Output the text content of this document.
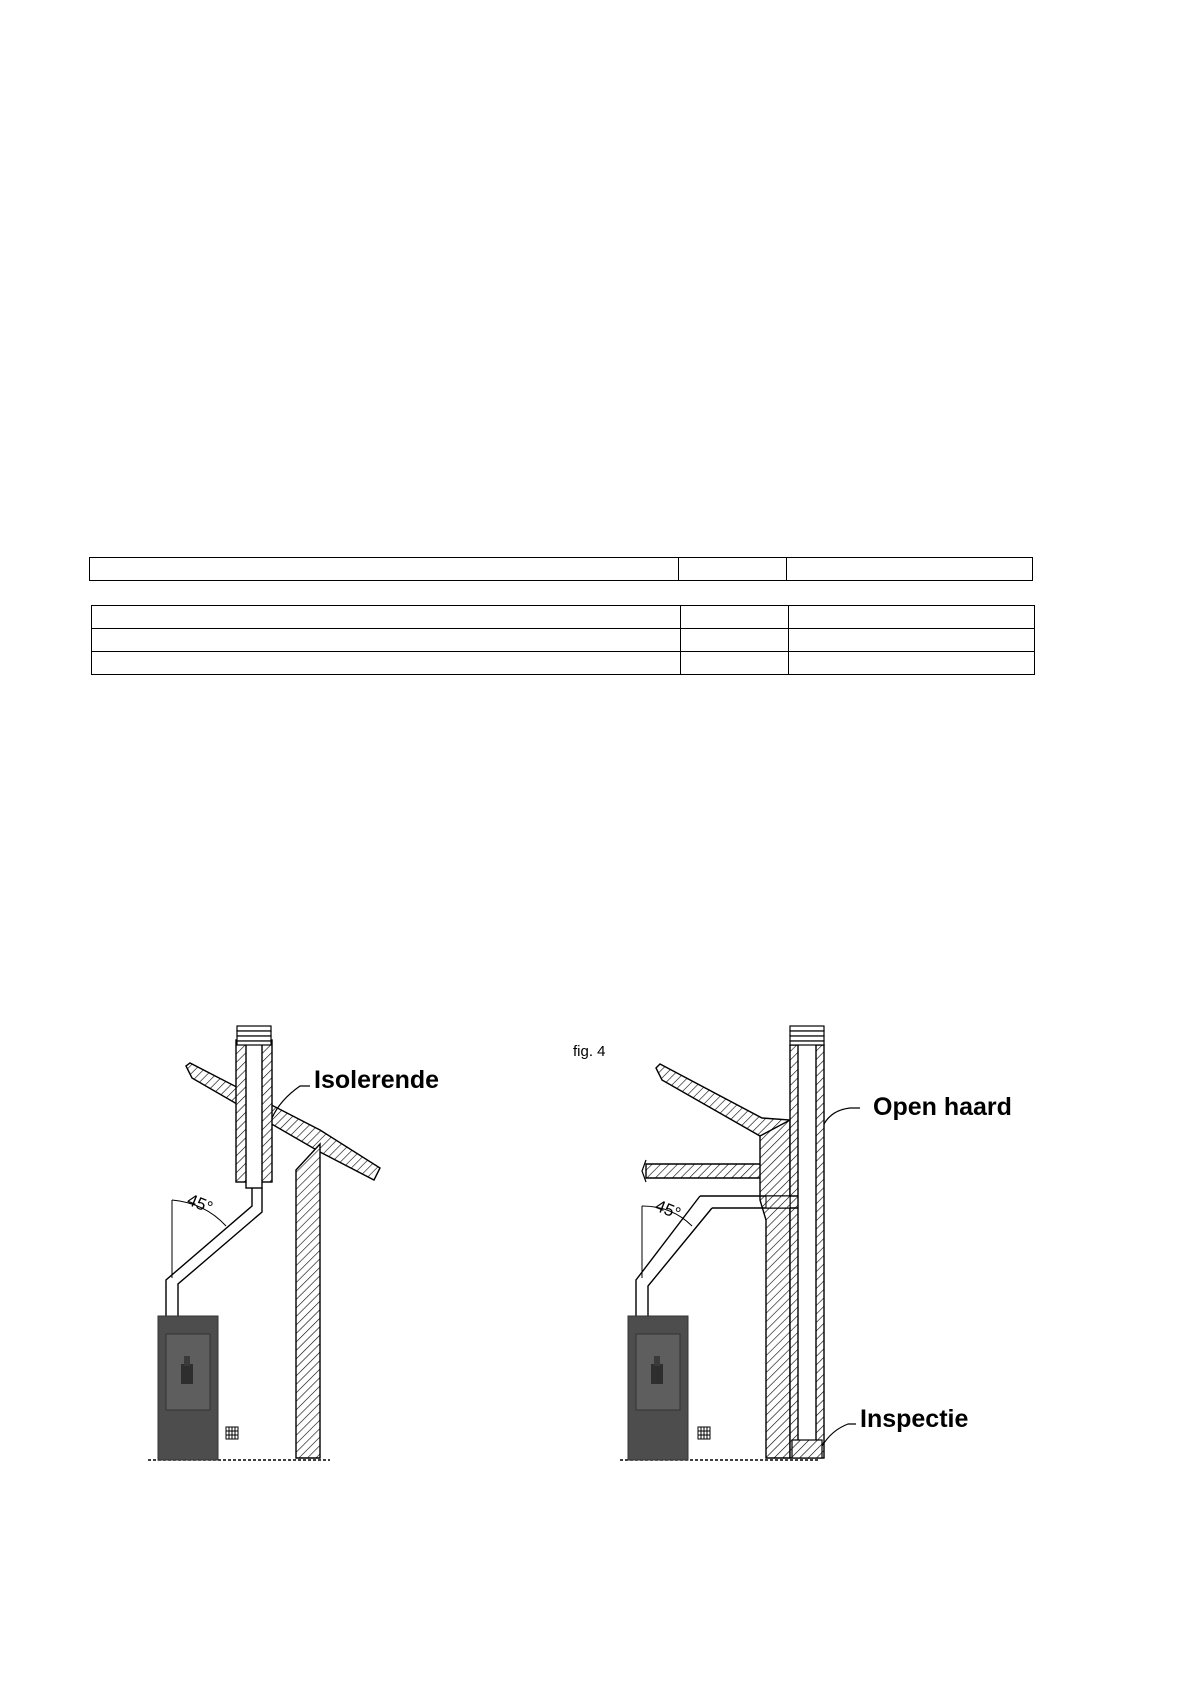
45°	45°
fig. 4
Isolerende
Open haard
Inspectie
